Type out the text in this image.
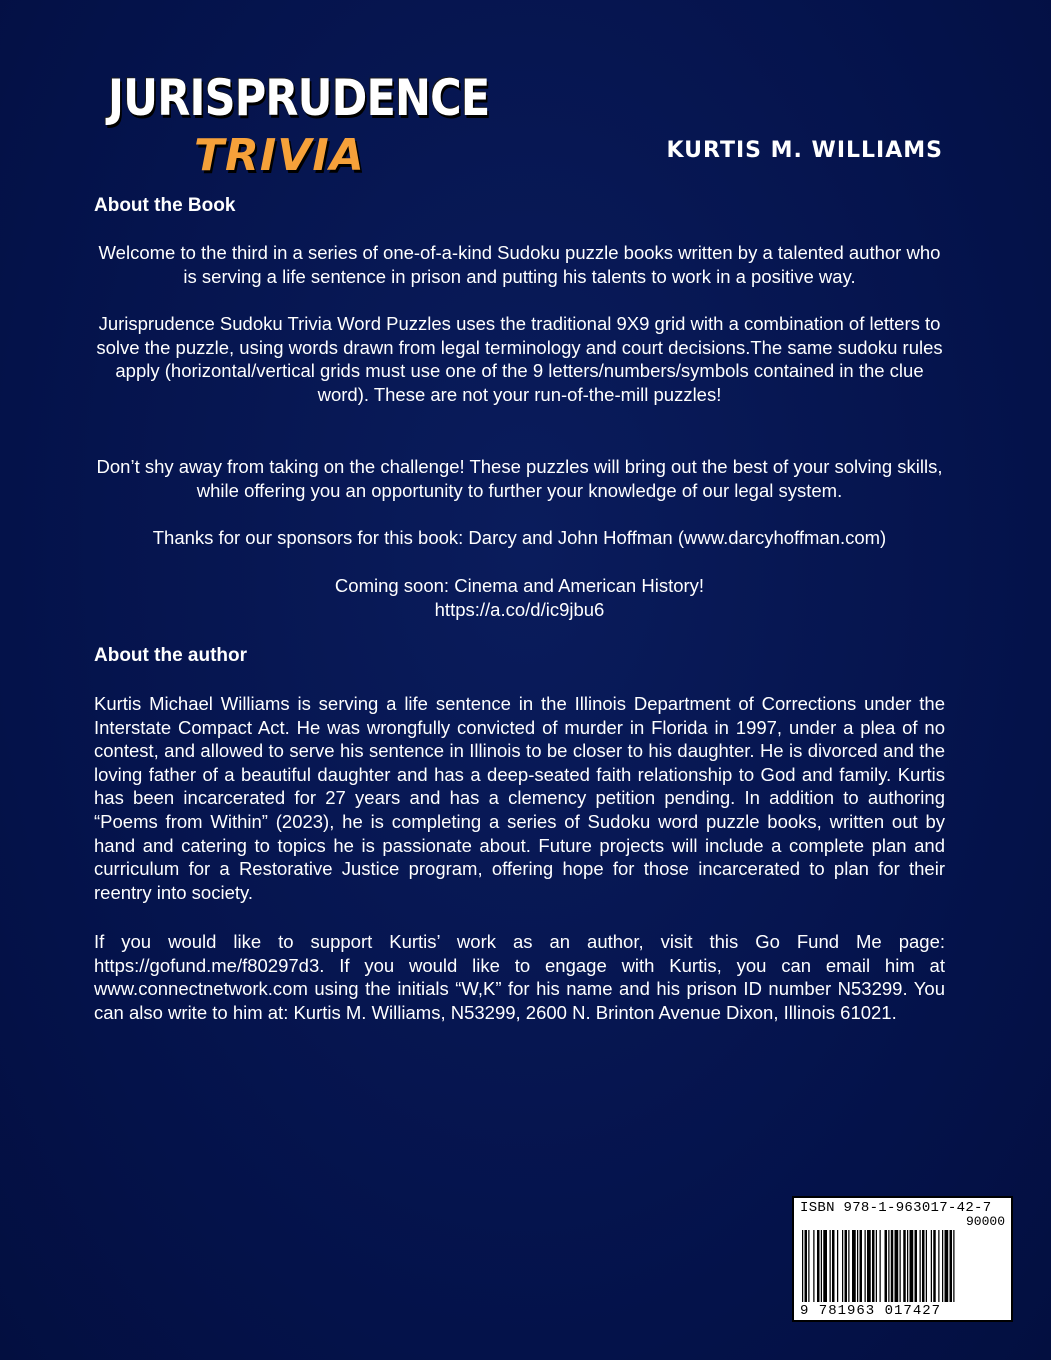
JURISPRUDENCE
TRIVIA	KURTIS M. WILLIAMS
About the Book

Welcome to the third in a series of one-of-a-kind Sudoku puzzle books written by a talented author who is serving a life sentence in prison and putting his talents to work in a positive way.

Jurisprudence Sudoku Trivia Word Puzzles uses the traditional 9X9 grid with a combination of letters to solve the puzzle, using words drawn from legal terminology and court decisions.The same sudoku rules apply (horizontal/vertical grids must use one of the 9 letters/numbers/symbols contained in the clue word). These are not your run-of-the-mill puzzles!

Don’t shy away from taking on the challenge! These puzzles will bring out the best of your solving skills, while offering you an opportunity to further your knowledge of our legal system.

Thanks for our sponsors for this book: Darcy and John Hoffman (www.darcyhoffman.com)

Coming soon: Cinema and American History!

https://a.co/d/ic9jbu6

About the author

Kurtis Michael Williams is serving a life sentence in the Illinois Department of Corrections under the Interstate Compact Act. He was wrongfully convicted of murder in Florida in 1997, under a plea of no contest, and allowed to serve his sentence in Illinois to be closer to his daughter. He is divorced and the loving father of a beautiful daughter and has a deep-seated faith relationship to God and family. Kurtis has been incarcerated for 27 years and has a clemency petition pending. In addition to authoring “Poems from Within” (2023), he is completing a series of Sudoku word puzzle books, written out by hand and catering to topics he is passionate about. Future projects will include a complete plan and curriculum for a Restorative Justice program, offering hope for those incarcerated to plan for their reentry into society.

If you would like to support Kurtis’ work as an author, visit this Go Fund Me page: https://gofund.me/f80297d3. If you would like to engage with Kurtis, you can email him at www.connectnetwork.com using the initials “W,K” for his name and his prison ID number N53299. You can also write to him at: Kurtis M. Williams, N53299, 2600 N. Brinton Avenue Dixon, Illinois 61021.

ISBN 978-1-963017-42-7
90000
9 781963 017427
